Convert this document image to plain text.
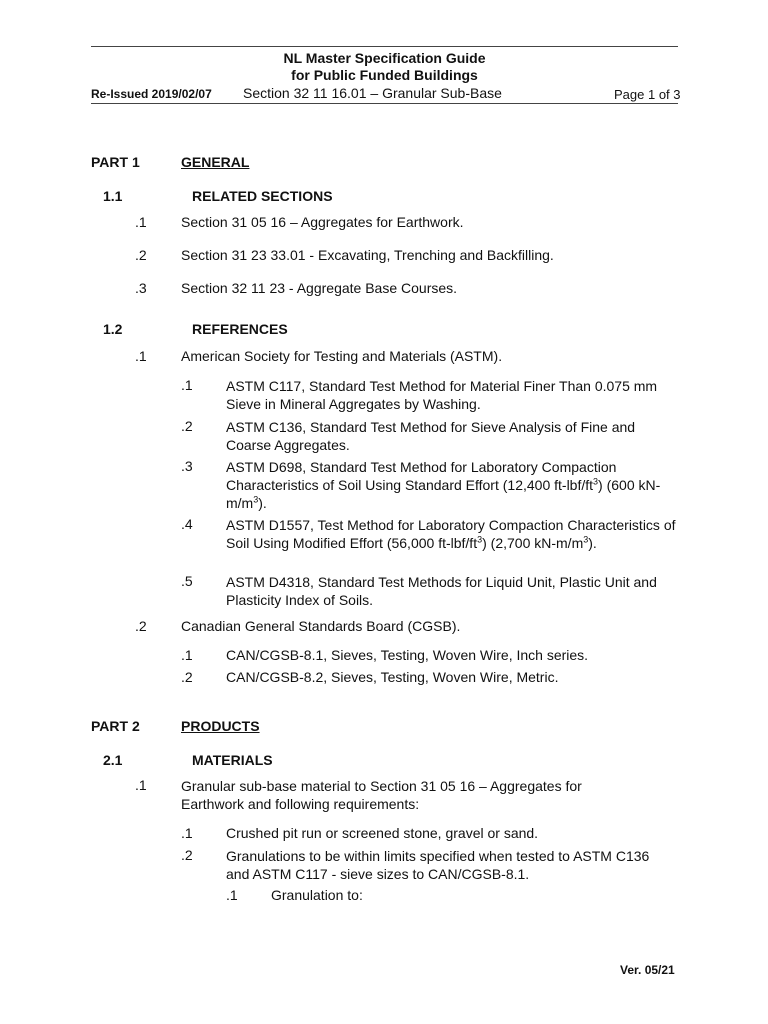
NL Master Specification Guide
for Public Funded Buildings
Re-Issued 2019/02/07 Section 32 11 16.01 – Granular Sub-Base	Page 1 of 3
PART 1	GENERAL
1.1	RELATED SECTIONS
.1 Section 31 05 16 – Aggregates for Earthwork.
.2 Section 31 23 33.01 - Excavating, Trenching and Backfilling.
.3 Section 32 11 23 - Aggregate Base Courses.
1.2	REFERENCES
.1 American Society for Testing and Materials (ASTM).
.1 ASTM C117, Standard Test Method for Material Finer Than 0.075 mm Sieve in Mineral Aggregates by Washing.
.2 ASTM C136, Standard Test Method for Sieve Analysis of Fine and Coarse Aggregates.
.3 ASTM D698, Standard Test Method for Laboratory Compaction Characteristics of Soil Using Standard Effort (12,400 $ft-lbf/ft^3$) (600 $kN-m/m^3$).
.4 ASTM D1557, Test Method for Laboratory Compaction Characteristics of Soil Using Modified Effort (56,000 $ft-lbf/ft^3$) (2,700 $kN-m/m^3$).
.5 ASTM D4318, Standard Test Methods for Liquid Unit, Plastic Unit and Plasticity Index of Soils.
.2 Canadian General Standards Board (CGSB).
.1 CAN/CGSB-8.1, Sieves, Testing, Woven Wire, Inch series.
.2 CAN/CGSB-8.2, Sieves, Testing, Woven Wire, Metric.
PART 2	PRODUCTS
2.1	MATERIALS
.1 Granular sub-base material to Section 31 05 16 – Aggregates for Earthwork and following requirements:
.1 Crushed pit run or screened stone, gravel or sand.
.2 Granulations to be within limits specified when tested to ASTM C136 and ASTM C117 - sieve sizes to CAN/CGSB-8.1.
.1 Granulation to:
Ver. 05/21
